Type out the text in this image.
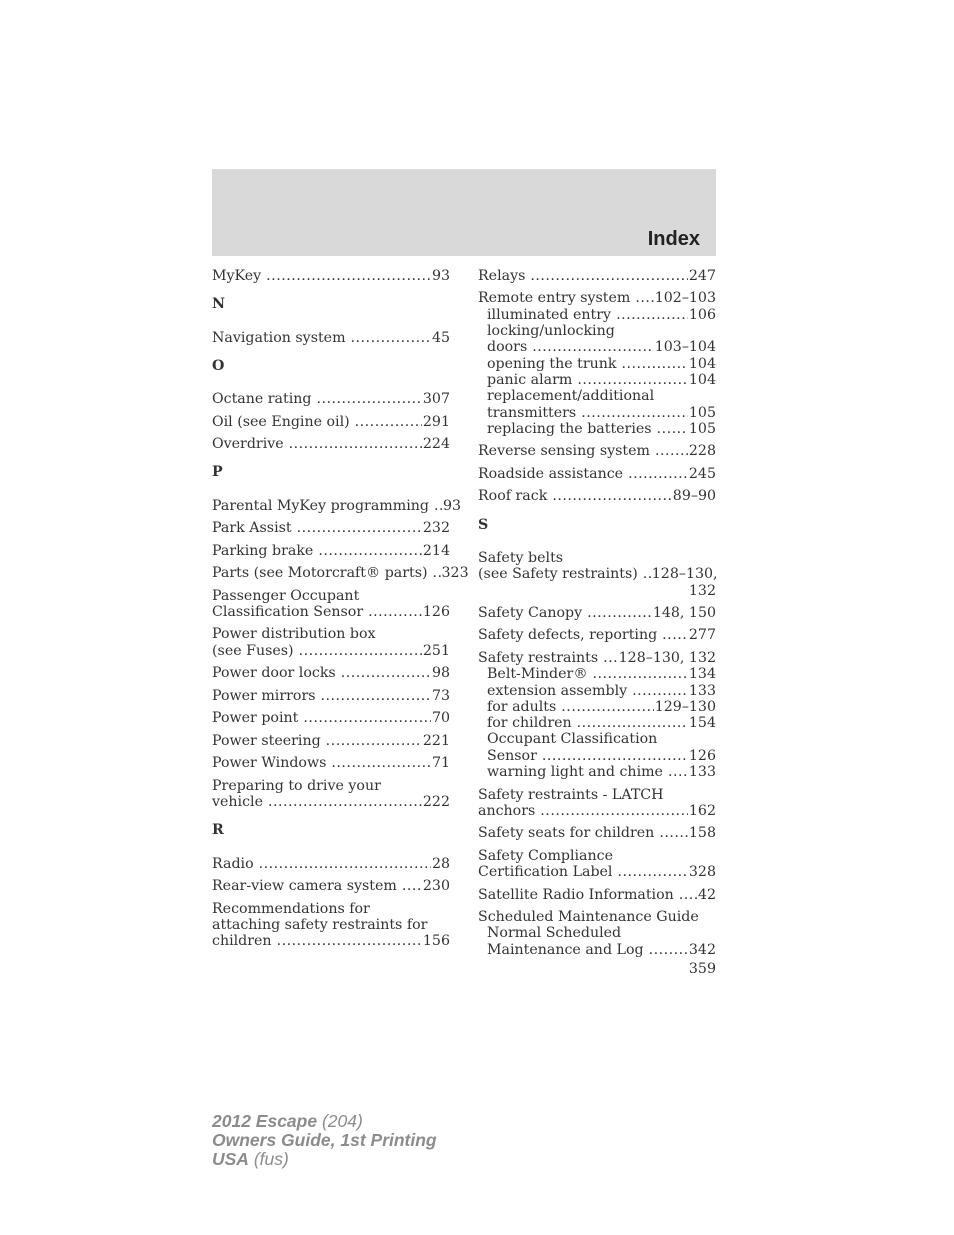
Index
MyKey .....	93
N
Navigation system .....	45
O
Octane rating .....	307
Oil (see Engine oil) .....	291
Overdrive .....	224
P
Parental MyKey programming ..... 93
Park Assist .....	232
Parking brake .....	214
Parts (see Motorcraft® parts) ..... 323
Passenger Occupant
Classification Sensor .....	126
Power distribution box
(see Fuses) .....	251
Power door locks .....	98
Power mirrors .....	73
Power point .....	70
Power steering .....	221
Power Windows .....	71
Preparing to drive your
vehicle .....	222
R
Radio .....	28
Rear-view camera system ..... 230
Recommendations for
attaching safety restraints for
children .....	156
Relays .....	247
Remote entry system ..... 102–103
illuminated entry .....	106
locking/unlocking
doors .....	103–104
opening the trunk .....	104
panic alarm .....	104
replacement/additional
transmitters .....	105
replacing the batteries .....	105
Reverse sensing system .....	228
Roadside assistance .....	245
Roof rack .....	89–90
S
Safety belts
(see Safety restraints) ..... 128–130,
132
Safety Canopy .....	148, 150
Safety defects, reporting ..... 277
Safety restraints ..... 128–130, 132
Belt-Minder® .....	134
extension assembly .....	133
for adults .....	129–130
for children .....	154
Occupant Classification
Sensor .....	126
warning light and chime ..... 133
Safety restraints - LATCH
anchors .....	162
Safety seats for children ..... 158
Safety Compliance
Certification Label .....	328
Satellite Radio Information ..... 42
Scheduled Maintenance Guide
Normal Scheduled
Maintenance and Log .....	342
359
2012 Escape (204)
Owners Guide, 1st Printing
USA (fus)
